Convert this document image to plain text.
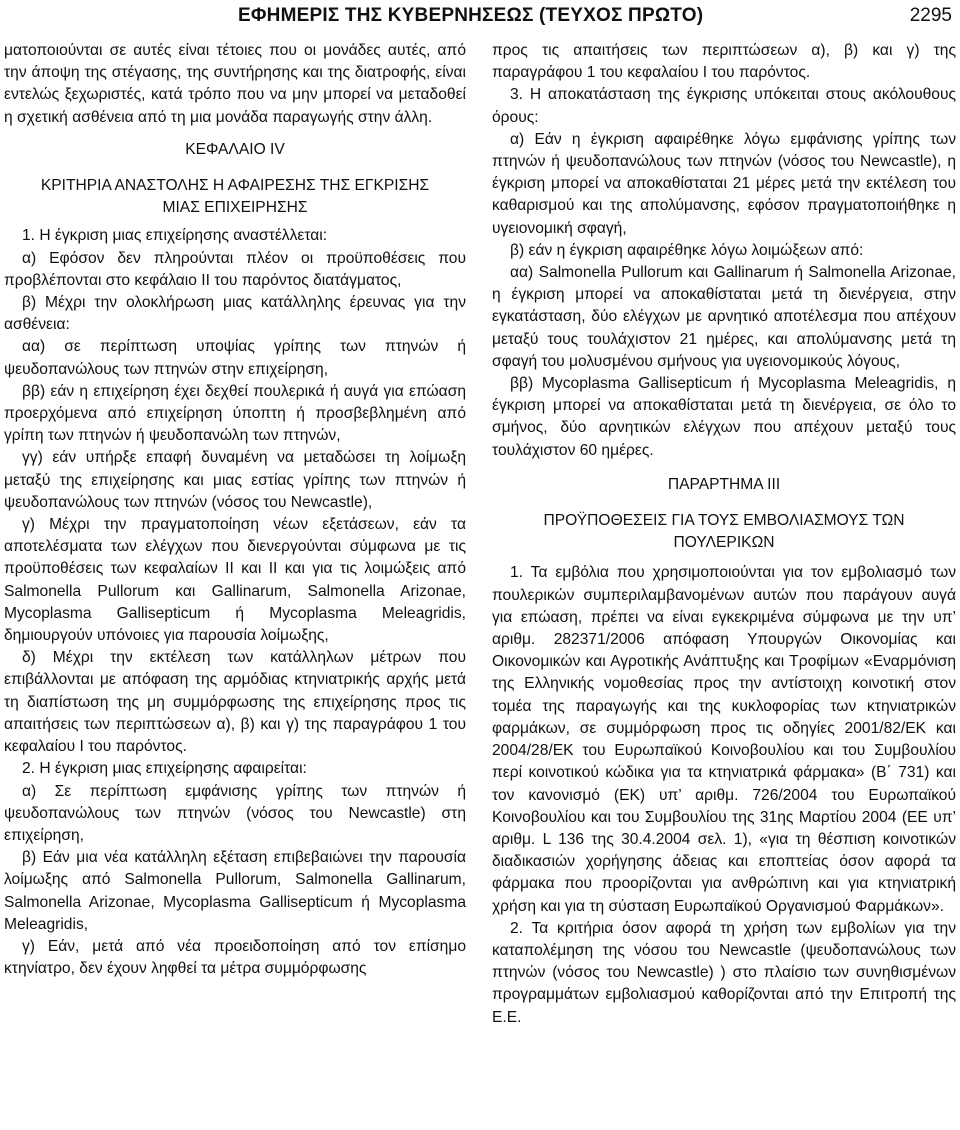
ΕΦΗΜΕΡΙΣ ΤΗΣ ΚΥΒΕΡΝΗΣΕΩΣ (ΤΕΥΧΟΣ ΠΡΩΤΟ)	2295

ματοποιούνται σε αυτές είναι τέτοιες που οι μονάδες αυτές, από την άποψη της στέγασης, της συντήρησης και της διατροφής, είναι εντελώς ξεχωριστές, κατά τρόπο που να μην μπορεί να μεταδοθεί η σχετική ασθένεια από τη μια μονάδα παραγωγής στην άλλη.

ΚΕΦΑΛΑΙΟ IV

ΚΡΙΤΗΡΙΑ ΑΝΑΣΤΟΛΗΣ Η ΑΦΑΙΡΕΣΗΣ ΤΗΣ ΕΓΚΡΙΣΗΣ

ΜΙΑΣ ΕΠΙΧΕΙΡΗΣΗΣ

1. Η έγκριση μιας επιχείρησης αναστέλλεται:

α) Εφόσον δεν πληρούνται πλέον οι προϋποθέσεις που προβλέπονται στο κεφάλαιο II του παρόντος διατάγματος,

β) Μέχρι την ολοκλήρωση μιας κατάλληλης έρευνας για την ασθένεια:

αα) σε περίπτωση υποψίας γρίπης των πτηνών ή ψευδοπανώλους των πτηνών στην επιχείρηση,

ββ) εάν η επιχείρηση έχει δεχθεί πουλερικά ή αυγά για επώαση προερχόμενα από επιχείρηση ύποπτη ή προσβεβλημένη από γρίπη των πτηνών ή ψευδοπανώλη των πτηνών,

γγ) εάν υπήρξε επαφή δυναμένη να μεταδώσει τη λοίμωξη μεταξύ της επιχείρησης και μιας εστίας γρίπης των πτηνών ή ψευδοπανώλους των πτηνών (νόσος του Newcastle),

γ) Μέχρι την πραγματοποίηση νέων εξετάσεων, εάν τα αποτελέσματα των ελέγχων που διενεργούνται σύμφωνα με τις προϋποθέσεις των κεφαλαίων II και II και για τις λοιμώξεις από Salmonella Pullorum και Gallinarum, Salmonella Arizonae, Mycoplasma Gallisepticum ή Mycoplasma Meleagridis, δημιουργούν υπόνοιες για παρουσία λοίμωξης,

δ) Μέχρι την εκτέλεση των κατάλληλων μέτρων που επιβάλλονται με απόφαση της αρμόδιας κτηνιατρικής αρχής μετά τη διαπίστωση της μη συμμόρφωσης της επιχείρησης προς τις απαιτήσεις των περιπτώσεων α), β) και γ) της παραγράφου 1 του κεφαλαίου I του παρόντος.

2. Η έγκριση μιας επιχείρησης αφαιρείται:

α) Σε περίπτωση εμφάνισης γρίπης των πτηνών ή ψευδοπανώλους των πτηνών (νόσος του Newcastle) στη επιχείρηση,

β) Εάν μια νέα κατάλληλη εξέταση επιβεβαιώνει την παρουσία λοίμωξης από Salmonella Pullorum, Salmonella Gallinarum, Salmonella Arizonae, Mycoplasma Gallisepticum ή Mycoplasma Meleagridis,

γ) Εάν, μετά από νέα προειδοποίηση από τον επίσημο κτηνίατρο, δεν έχουν ληφθεί τα μέτρα συμμόρφωσης

προς τις απαιτήσεις των περιπτώσεων α), β) και γ) της παραγράφου 1 του κεφαλαίου I του παρόντος.

3. Η αποκατάσταση της έγκρισης υπόκειται στους ακόλουθους όρους:

α) Εάν η έγκριση αφαιρέθηκε λόγω εμφάνισης γρίπης των πτηνών ή ψευδοπανώλους των πτηνών (νόσος του Newcastle), η έγκριση μπορεί να αποκαθίσταται 21 μέρες μετά την εκτέλεση του καθαρισμού και της απολύμανσης, εφόσον πραγματοποιήθηκε η υγειονομική σφαγή,

β) εάν η έγκριση αφαιρέθηκε λόγω λοιμώξεων από:

αα) Salmonella Pullorum και Gallinarum ή Salmonella Arizonae, η έγκριση μπορεί να αποκαθίσταται μετά τη διενέργεια, στην εγκατάσταση, δύο ελέγχων με αρνητικό αποτέλεσμα που απέχουν μεταξύ τους τουλάχιστον 21 ημέρες, και απολύμανσης μετά τη σφαγή του μολυσμένου σμήνους για υγειονομικούς λόγους,

ββ) Mycoplasma Gallisepticum ή Mycoplasma Meleagridis, η έγκριση μπορεί να αποκαθίσταται μετά τη διενέργεια, σε όλο το σμήνος, δύο αρνητικών ελέγχων που απέχουν μεταξύ τους τουλάχιστον 60 ημέρες.

ΠΑΡΑΡΤΗΜΑ III

ΠΡΟΫΠΟΘΕΣΕΙΣ ΓΙΑ ΤΟΥΣ ΕΜΒΟΛΙΑΣΜΟΥΣ ΤΩΝ

ΠΟΥΛΕΡΙΚΩΝ

1. Τα εμβόλια που χρησιμοποιούνται για τον εμβολιασμό των πουλερικών συμπεριλαμβανομένων αυτών που παράγουν αυγά για επώαση, πρέπει να είναι εγκεκριμένα σύμφωνα με την υπ’ αριθμ. 282371/2006 απόφαση Υπουργών Οικονομίας και Οικονομικών και Αγροτικής Ανάπτυξης και Τροφίμων «Εναρμόνιση της Ελληνικής νομοθεσίας προς την αντίστοιχη κοινοτική στον τομέα της παραγωγής και της κυκλοφορίας των κτηνιατρικών φαρμάκων, σε συμμόρφωση προς τις οδηγίες 2001/82/ΕΚ και 2004/28/ΕΚ του Ευρωπαϊκού Κοινοβουλίου και του Συμβουλίου περί κοινοτικού κώδικα για τα κτηνιατρικά φάρμακα» (Β΄ 731) και τον κανονισμό (ΕΚ) υπ’ αριθμ. 726/2004 του Ευρωπαϊκού Κοινοβουλίου και του Συμβουλίου της 31ης Μαρτίου 2004 (ΕΕ υπ’ αριθμ. L 136 της 30.4.2004 σελ. 1), «για τη θέσπιση κοινοτικών διαδικασιών χορήγησης άδειας και εποπτείας όσον αφορά τα φάρμακα που προορίζονται για ανθρώπινη και για κτηνιατρική χρήση και για τη σύσταση Ευρωπαϊκού Οργανισμού Φαρμάκων».

2. Τα κριτήρια όσον αφορά τη χρήση των εμβολίων για την καταπολέμηση της νόσου του Newcastle (ψευδοπανώλους των πτηνών (νόσος του Newcastle) ) στο πλαίσιο των συνηθισμένων προγραμμάτων εμβολιασμού καθορίζονται από την Επιτροπή της Ε.Ε.
